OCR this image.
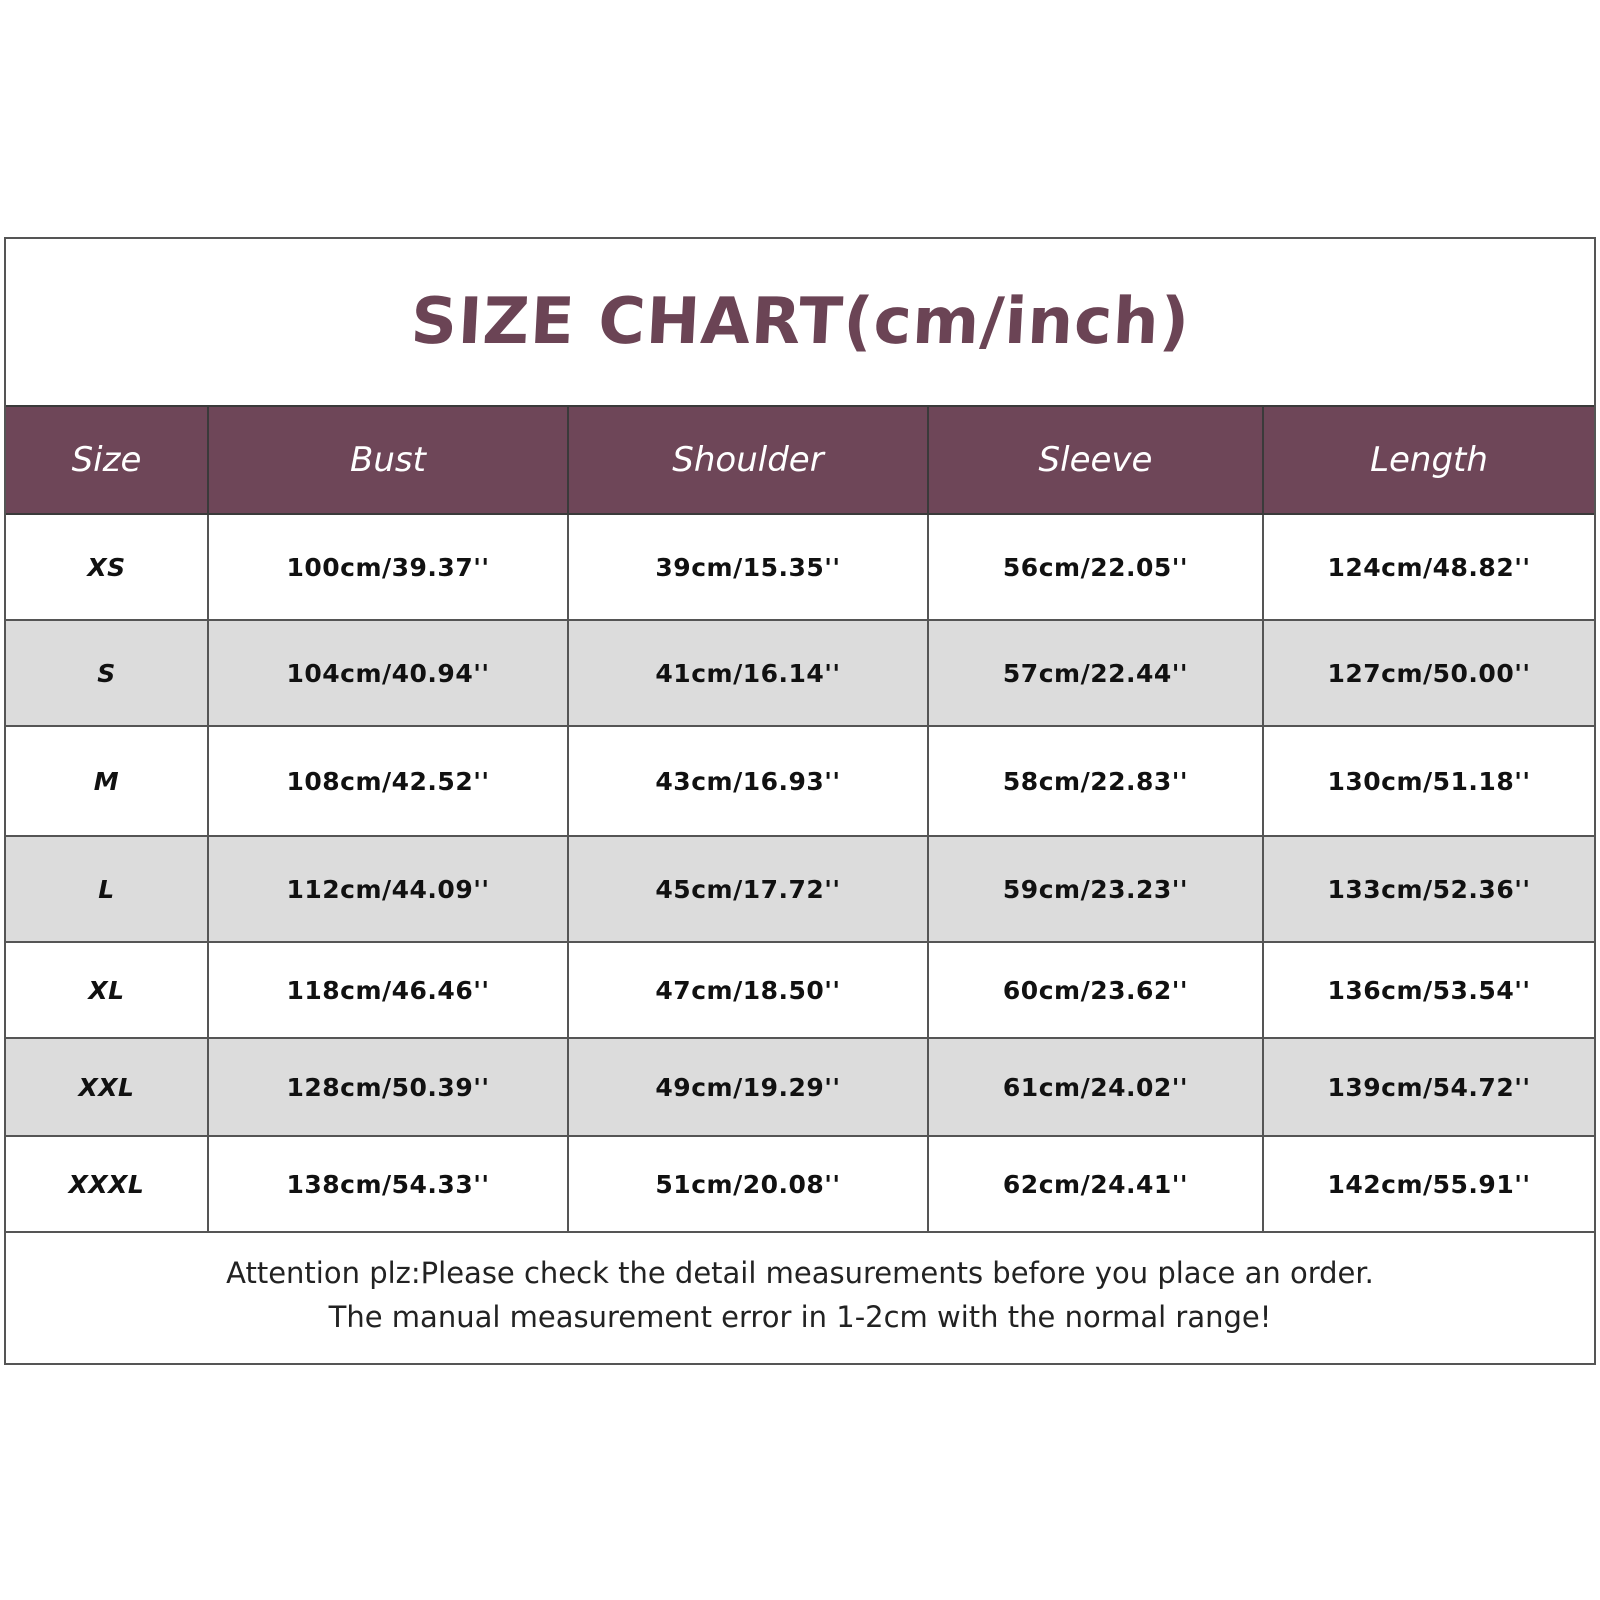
SIZE CHART(cm/inch)
Size	Bust	Shoulder	Sleeve	Length
XS	100cm/39.37''	39cm/15.35''	56cm/22.05''	124cm/48.82''
S	104cm/40.94''	41cm/16.14''	57cm/22.44''	127cm/50.00''
M	108cm/42.52''	43cm/16.93''	58cm/22.83''	130cm/51.18''
L	112cm/44.09''	45cm/17.72''	59cm/23.23''	133cm/52.36''
XL	118cm/46.46''	47cm/18.50''	60cm/23.62''	136cm/53.54''
XXL	128cm/50.39''	49cm/19.29''	61cm/24.02''	139cm/54.72''
XXXL	138cm/54.33''	51cm/20.08''	62cm/24.41''	142cm/55.91''
Attention plz:Please check the detail measurements before you place an order.
The manual measurement error in 1-2cm with the normal range!
